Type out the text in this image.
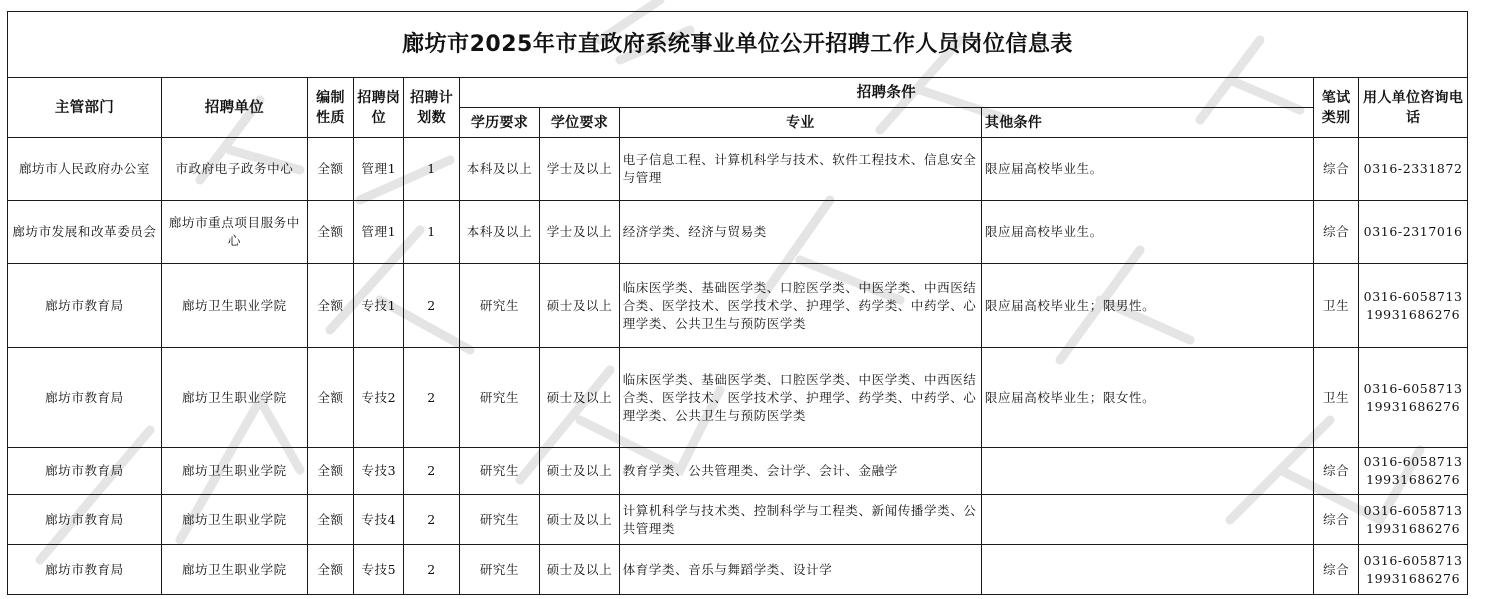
廊坊市2025年市直政府系统事业单位公开招聘工作人员岗位信息表										
主管部门	招聘单位	编制性质	招聘岗位	招聘计划数	招聘条件				笔试类别	用人单位咨询电话
					学历要求	学位要求	专业	其他条件		
廊坊市人民政府办公室	市政府电子政务中心	全额	管理1	1	本科及以上	学士及以上	电子信息工程、计算机科学与技术、软件工程技术、信息安全与管理	限应届高校毕业生。	综合	0316-2331872

廊坊市发展和改革委员会	廊坊市重点项目服务中心	全额	管理1	1	本科及以上	学士及以上	经济学类、经济与贸易类	限应届高校毕业生。	综合	0316-2317016

廊坊市教育局	廊坊卫生职业学院	全额	专技1	2	研究生	硕士及以上	临床医学类、基础医学类、口腔医学类、中医学类、中西医结合类、医学技术、医学技术学、护理学、药学类、中药学、心理学类、公共卫生与预防医学类	限应届高校毕业生；限男性。	卫生	0316-6058713
19931686276

廊坊市教育局	廊坊卫生职业学院	全额	专技2	2	研究生	硕士及以上	临床医学类、基础医学类、口腔医学类、中医学类、中西医结合类、医学技术、医学技术学、护理学、药学类、中药学、心理学类、公共卫生与预防医学类	限应届高校毕业生；限女性。	卫生	0316-6058713
19931686276

廊坊市教育局	廊坊卫生职业学院	全额	专技3	2	研究生	硕士及以上	教育学类、公共管理类、会计学、会计、金融学		综合	0316-6058713
19931686276

廊坊市教育局	廊坊卫生职业学院	全额	专技4	2	研究生	硕士及以上	计算机科学与技术类、控制科学与工程类、新闻传播学类、公共管理类		综合	0316-6058713
19931686276

廊坊市教育局	廊坊卫生职业学院	全额	专技5	2	研究生	硕士及以上	体育学类、音乐与舞蹈学类、设计学		综合	0316-6058713
19931686276
